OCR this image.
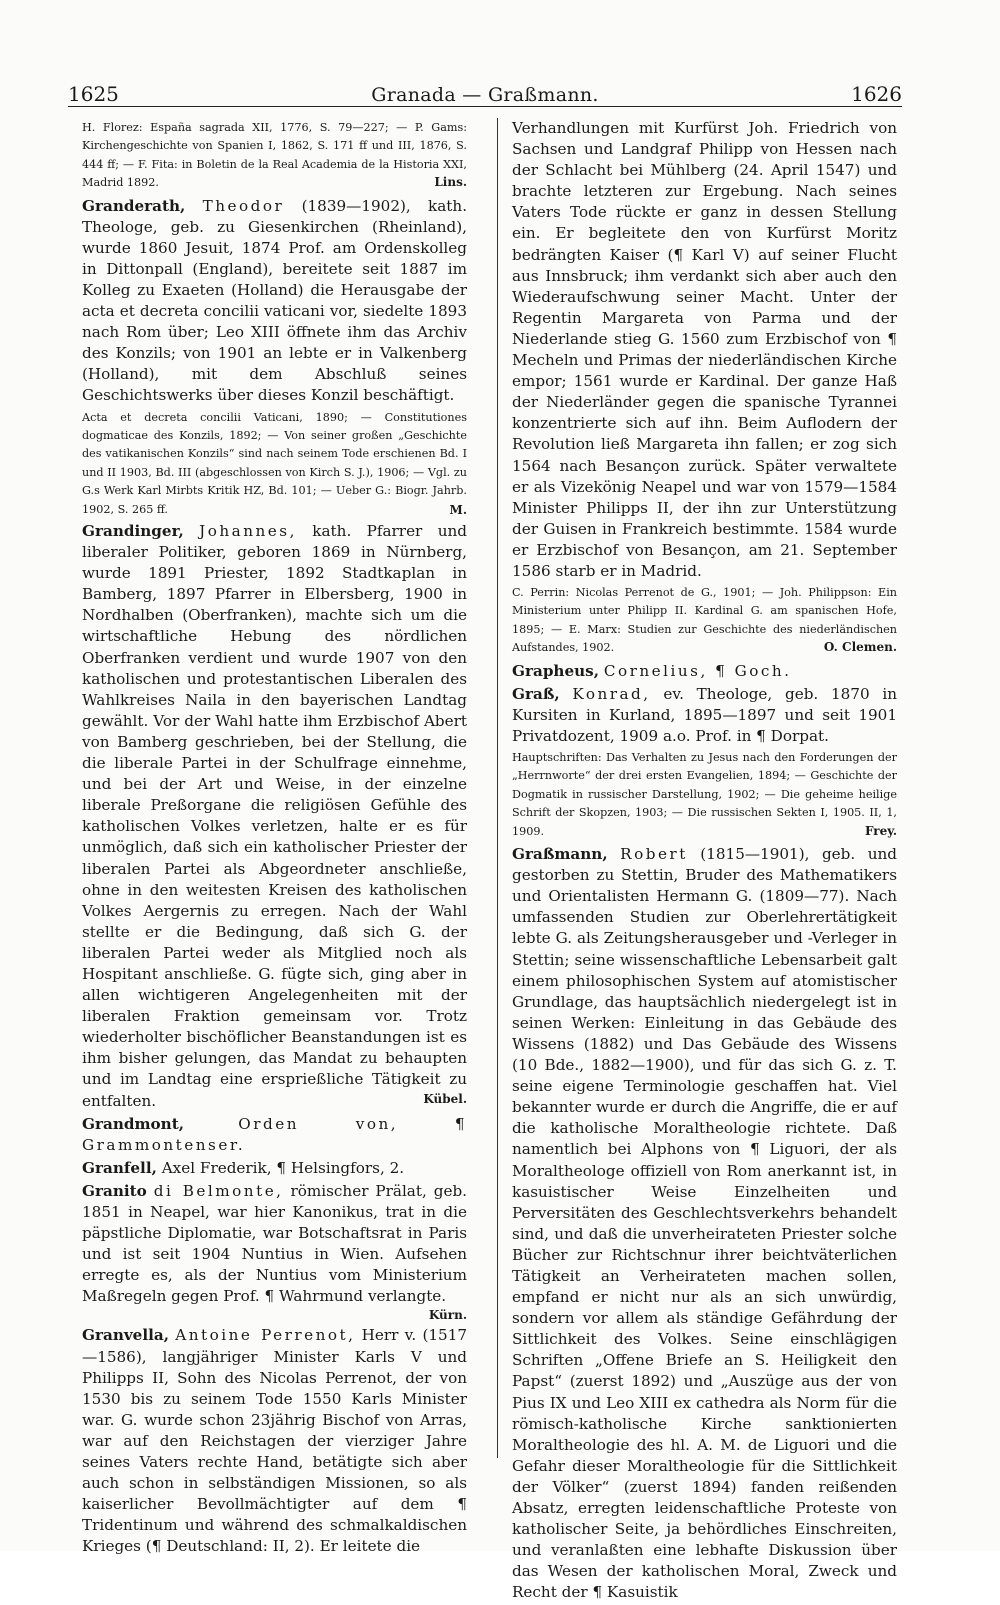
1625	Granada — Graßmann.	1626
H. Florez: España sagrada XII, 1776, S. 79—227; — P. Gams: Kirchengeschichte von Spanien I, 1862, S. 171 ff und III, 1876, S. 444 ff; — F. Fita: in Boletin de la Real Academia de la Historia XXI, Madrid 1892.	Lins.
Granderath, Theodor (1839—1902), kath. Theologe, geb. zu Giesenkirchen (Rheinland), wurde 1860 Jesuit, 1874 Prof. am Ordenskolleg in Dittonpall (England), bereitete seit 1887 im Kolleg zu Exaeten (Holland) die Herausgabe der acta et decreta concilii vaticani vor, siedelte 1893 nach Rom über; Leo XIII öffnete ihm das Archiv des Konzils; von 1901 an lebte er in Valkenberg (Holland), mit dem Abschluß seines Geschichtswerks über dieses Konzil beschäftigt.
Acta et decreta concilii Vaticani, 1890; — Constitutiones dogmaticae des Konzils, 1892; — Von seiner großen „Geschichte des vatikanischen Konzils“ sind nach seinem Tode erschienen Bd. I und II 1903, Bd. III (abgeschlossen von Kirch S. J.), 1906; — Vgl. zu G.s Werk Karl Mirbts Kritik HZ, Bd. 101; — Ueber G.: Biogr. Jahrb. 1902, S. 265 ff.	M.
Grandinger, Johannes, kath. Pfarrer und liberaler Politiker, geboren 1869 in Nürnberg, wurde 1891 Priester, 1892 Stadtkaplan in Bamberg, 1897 Pfarrer in Elbersberg, 1900 in Nordhalben (Oberfranken), machte sich um die wirtschaftliche Hebung des nördlichen Oberfranken verdient und wurde 1907 von den katholischen und protestantischen Liberalen des Wahlkreises Naila in den bayerischen Landtag gewählt. Vor der Wahl hatte ihm Erzbischof Abert von Bamberg geschrieben, bei der Stellung, die die liberale Partei in der Schulfrage einnehme, und bei der Art und Weise, in der einzelne liberale Preßorgane die religiösen Gefühle des katholischen Volkes verletzen, halte er es für unmöglich, daß sich ein katholischer Priester der liberalen Partei als Abgeordneter anschließe, ohne in den weitesten Kreisen des katholischen Volkes Aergernis zu erregen. Nach der Wahl stellte er die Bedingung, daß sich G. der liberalen Partei weder als Mitglied noch als Hospitant anschließe. G. fügte sich, ging aber in allen wichtigeren Angelegenheiten mit der liberalen Fraktion gemeinsam vor. Trotz wiederholter bischöflicher Beanstandungen ist es ihm bisher gelungen, das Mandat zu behaupten und im Landtag eine ersprießliche Tätigkeit zu entfalten.	Kübel.
Grandmont,	Orden von, ¶ Grammontenser.
Granfell, Axel Frederik, ¶ Helsingfors, 2.
Granito di Belmonte, römischer Prälat, geb. 1851 in Neapel, war hier Kanonikus, trat in die päpstliche Diplomatie, war Botschaftsrat in Paris und ist seit 1904 Nuntius in Wien. Aufsehen erregte es, als der Nuntius vom Ministerium Maßregeln gegen Prof. ¶ Wahrmund verlangte.
Kürn.
Granvella, Antoine Perrenot, Herr v. (1517—1586), langjähriger Minister Karls V und Philipps II, Sohn des Nicolas Perrenot, der von 1530 bis zu seinem Tode 1550 Karls Minister war. G. wurde schon 23jährig Bischof von Arras, war auf den Reichstagen der vierziger Jahre seines Vaters rechte Hand, betätigte sich aber auch schon in selbständigen Missionen, so als kaiserlicher Bevollmächtigter auf dem ¶ Tridentinum und während des schmalkaldischen Krieges (¶ Deutschland: II, 2). Er leitete die
Verhandlungen mit Kurfürst Joh. Friedrich von Sachsen und Landgraf Philipp von Hessen nach der Schlacht bei Mühlberg (24. April 1547) und brachte letzteren zur Ergebung. Nach seines Vaters Tode rückte er ganz in dessen Stellung ein. Er begleitete den von Kurfürst Moritz bedrängten Kaiser (¶ Karl V) auf seiner Flucht aus Innsbruck; ihm verdankt sich aber auch den Wiederaufschwung seiner Macht. Unter der Regentin Margareta von Parma und der Niederlande stieg G. 1560 zum Erzbischof von ¶ Mecheln und Primas der niederländischen Kirche empor; 1561 wurde er Kardinal. Der ganze Haß der Niederländer gegen die spanische Tyrannei konzentrierte sich auf ihn. Beim Auflodern der Revolution ließ Margareta ihn fallen; er zog sich 1564 nach Besançon zurück. Später verwaltete er als Vizekönig Neapel und war von 1579—1584 Minister Philipps II, der ihn zur Unterstützung der Guisen in Frankreich bestimmte. 1584 wurde er Erzbischof von Besançon, am 21. September 1586 starb er in Madrid.
C. Perrin: Nicolas Perrenot de G., 1901; — Joh. Philippson: Ein Ministerium unter Philipp II. Kardinal G. am spanischen Hofe, 1895; — E. Marx: Studien zur Geschichte des niederländischen Aufstandes, 1902.	O. Clemen.
Grapheus, Cornelius, ¶ Goch.
Graß, Konrad, ev. Theologe, geb. 1870 in Kursiten in Kurland, 1895—1897 und seit 1901 Privatdozent, 1909 a.o. Prof. in ¶ Dorpat.
Hauptschriften: Das Verhalten zu Jesus nach den Forderungen der „Herrnworte“ der drei ersten Evangelien, 1894; — Geschichte der Dogmatik in russischer Darstellung, 1902; — Die geheime heilige Schrift der Skopzen, 1903; — Die russischen Sekten I, 1905. II, 1, 1909.	Frey.
Graßmann, Robert (1815—1901), geb. und gestorben zu Stettin, Bruder des Mathematikers und Orientalisten Hermann G. (1809—77). Nach umfassenden Studien zur Oberlehrertätigkeit lebte G. als Zeitungsherausgeber und -Verleger in Stettin; seine wissenschaftliche Lebensarbeit galt einem philosophischen System auf atomistischer Grundlage, das hauptsächlich niedergelegt ist in seinen Werken: Einleitung in das Gebäude des Wissens (1882) und Das Gebäude des Wissens (10 Bde., 1882—1900), und für das sich G. z. T. seine eigene Terminologie geschaffen hat. Viel bekannter wurde er durch die Angriffe, die er auf die katholische Moraltheologie richtete. Daß namentlich bei Alphons von ¶ Liguori, der als Moraltheologe offiziell von Rom anerkannt ist, in kasuistischer Weise Einzelheiten und Perversitäten des Geschlechtsverkehrs behandelt sind, und daß die unverheirateten Priester solche Bücher zur Richtschnur ihrer beichtväterlichen Tätigkeit an Verheirateten machen sollen, empfand er nicht nur als an sich unwürdig, sondern vor allem als ständige Gefährdung der Sittlichkeit des Volkes. Seine einschlägigen Schriften „Offene Briefe an S. Heiligkeit den Papst“ (zuerst 1892) und „Auszüge aus der von Pius IX und Leo XIII ex cathedra als Norm für die römisch-katholische Kirche sanktionierten Moraltheologie des hl. A. M. de Liguori und die Gefahr dieser Moraltheologie für die Sittlichkeit der Völker“ (zuerst 1894) fanden reißenden Absatz, erregten leidenschaftliche Proteste von katholischer Seite, ja behördliches Einschreiten, und veranlaßten eine lebhafte Diskussion über das Wesen der katholischen Moral, Zweck und Recht der ¶ Kasuistik
